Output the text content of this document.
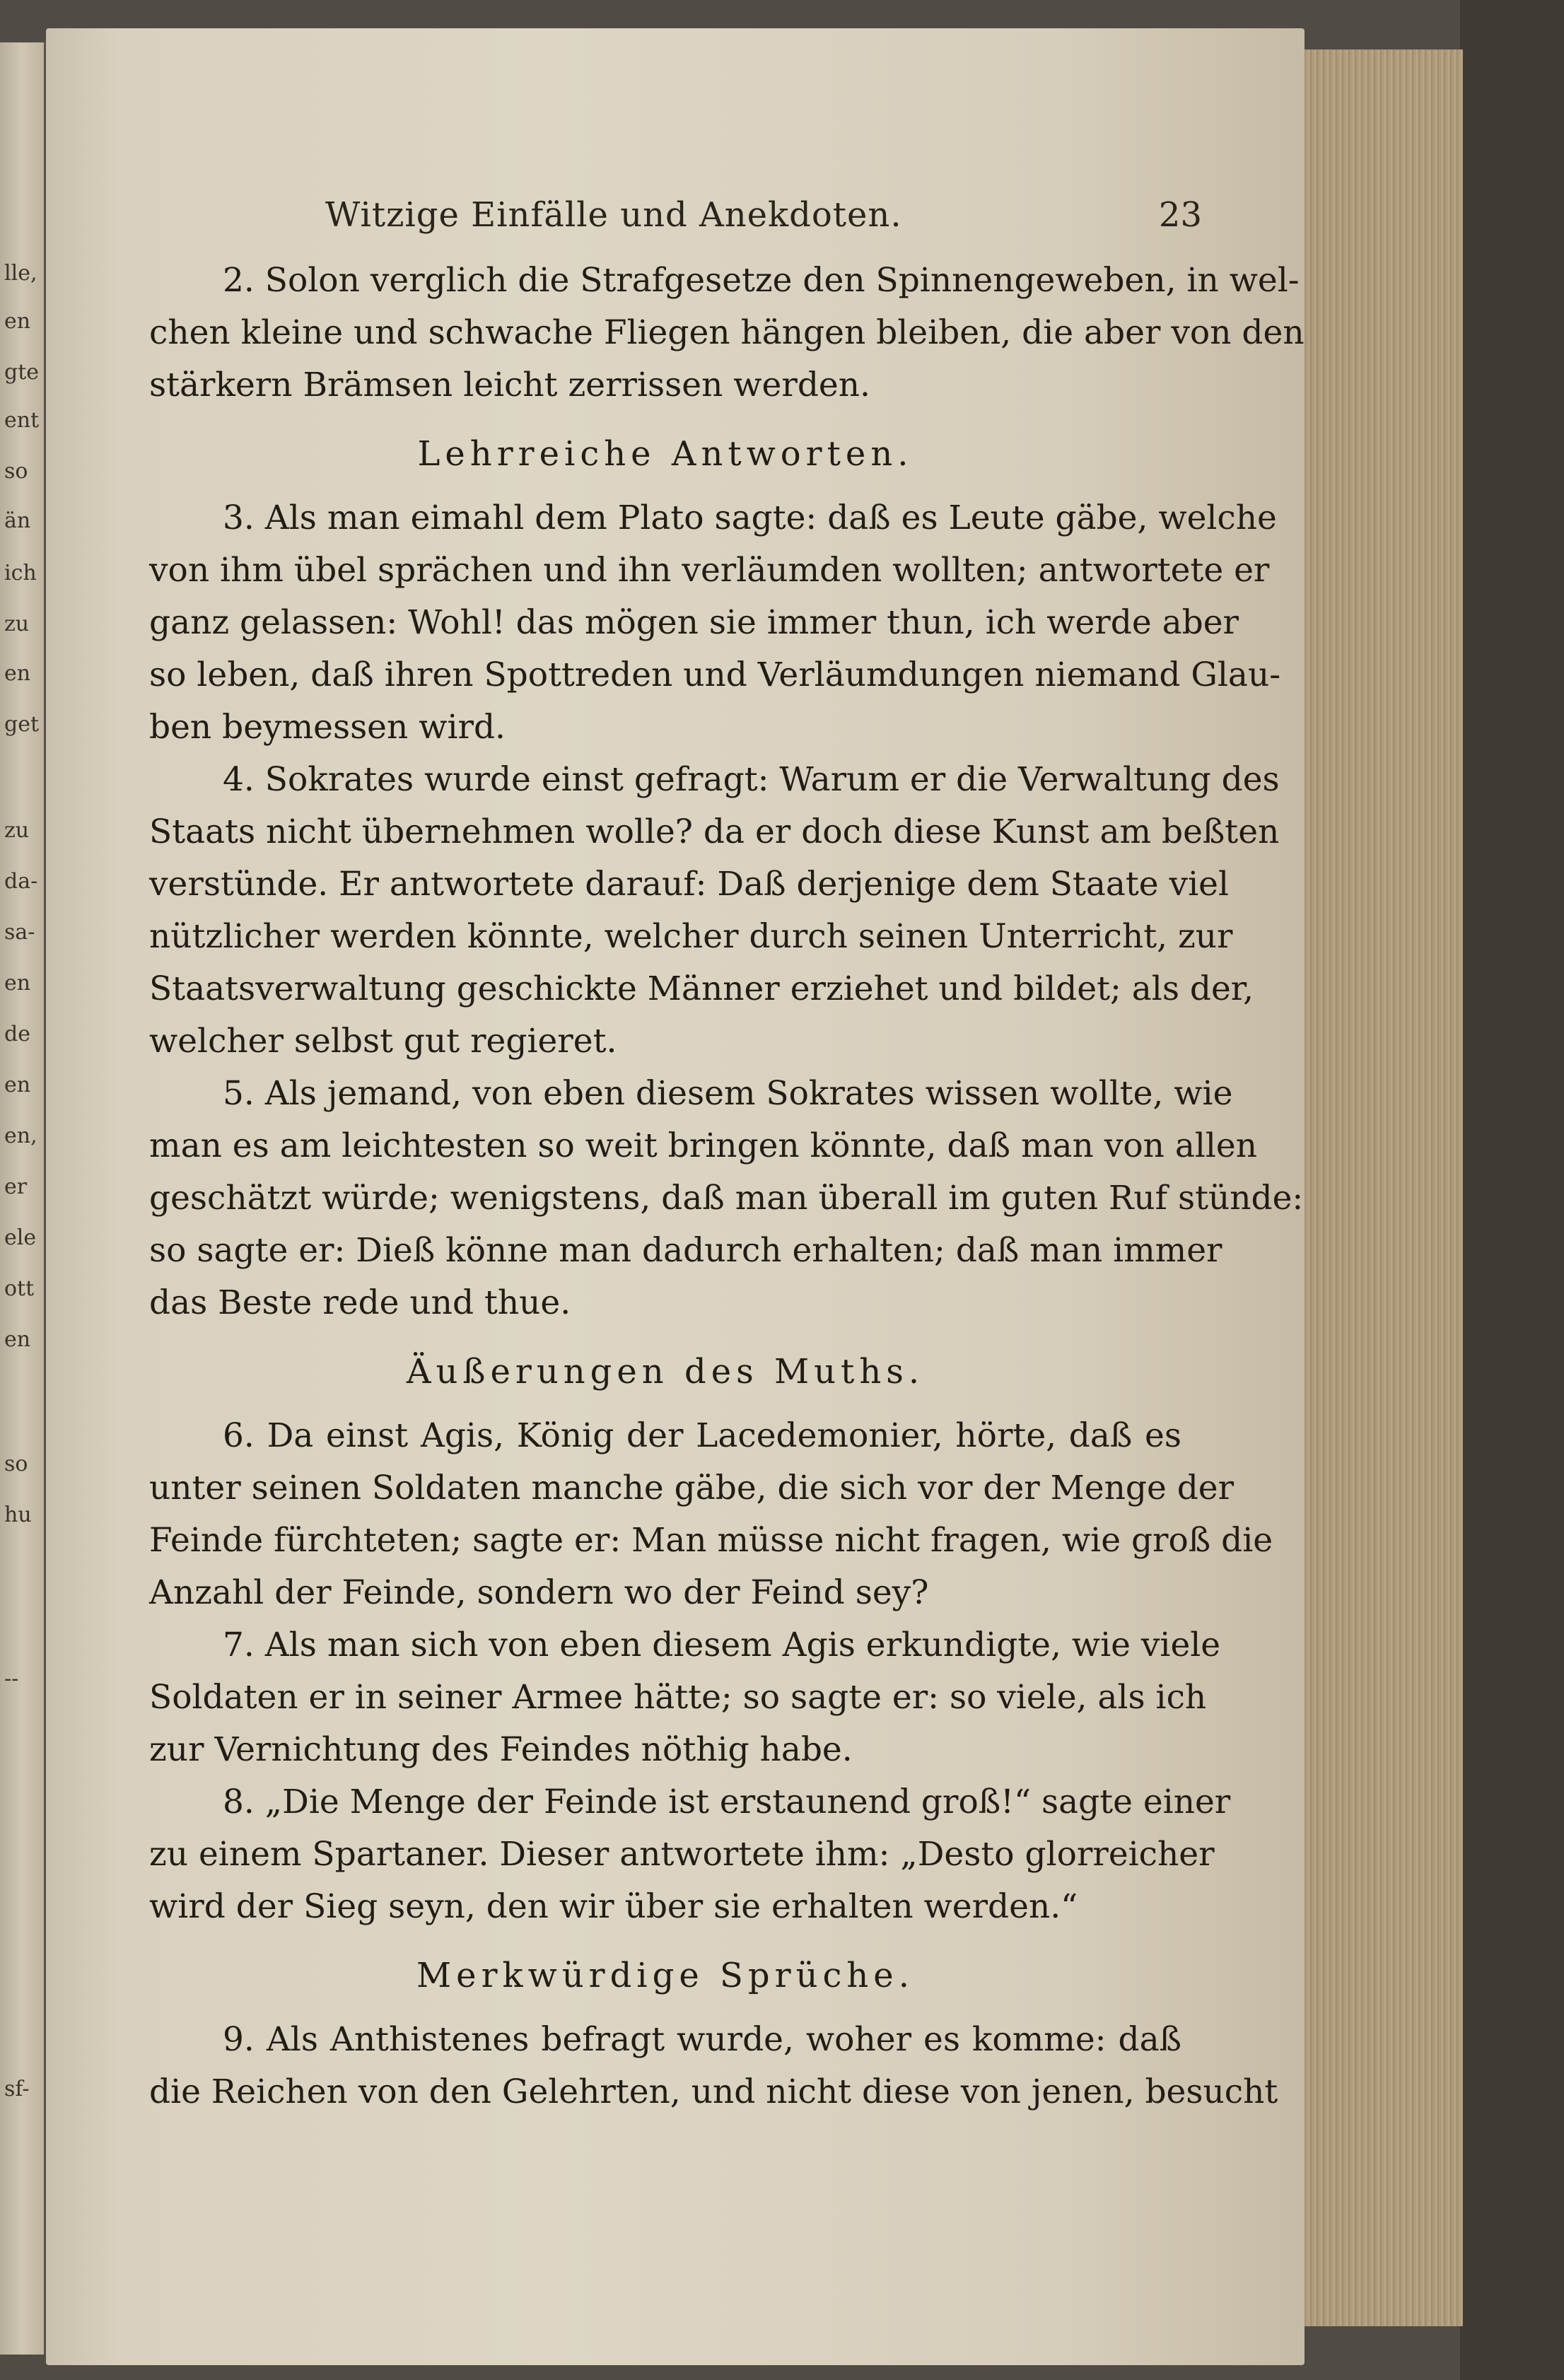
lle,
en
gte
ent
so
än
ich
zu
en
get
zu
da-
sa-
en
de
en
en,
er
ele
ott
en
so
hu
--
sf-
Witzige Einfälle und Anekdoten.	23
2. Solon verglich die Strafgesetze den Spinnengeweben, in wel-
chen kleine und schwache Fliegen hängen bleiben, die aber von den
stärkern Brämsen leicht zerrissen werden.
Lehrreiche Antworten.
3. Als man eimahl dem Plato sagte: daß es Leute gäbe, welche
von ihm übel sprächen und ihn verläumden wollten; antwortete er
ganz gelassen: Wohl! das mögen sie immer thun, ich werde aber
so leben, daß ihren Spottreden und Verläumdungen niemand Glau-
ben beymessen wird.
4. Sokrates wurde einst gefragt: Warum er die Verwaltung des
Staats nicht übernehmen wolle? da er doch diese Kunst am beßten
verstünde. Er antwortete darauf: Daß derjenige dem Staate viel
nützlicher werden könnte, welcher durch seinen Unterricht, zur
Staatsverwaltung geschickte Männer erziehet und bildet; als der,
welcher selbst gut regieret.
5. Als jemand, von eben diesem Sokrates wissen wollte, wie
man es am leichtesten so weit bringen könnte, daß man von allen
geschätzt würde; wenigstens, daß man überall im guten Ruf stünde:
so sagte er: Dieß könne man dadurch erhalten; daß man immer
das Beste rede und thue.
Äußerungen des Muths.
6. Da einst Agis, König der Lacedemonier, hörte, daß es
unter seinen Soldaten manche gäbe, die sich vor der Menge der
Feinde fürchteten; sagte er: Man müsse nicht fragen, wie groß die
Anzahl der Feinde, sondern wo der Feind sey?
7. Als man sich von eben diesem Agis erkundigte, wie viele
Soldaten er in seiner Armee hätte; so sagte er: so viele, als ich
zur Vernichtung des Feindes nöthig habe.
8. „Die Menge der Feinde ist erstaunend groß!“ sagte einer
zu einem Spartaner. Dieser antwortete ihm: „Desto glorreicher
wird der Sieg seyn, den wir über sie erhalten werden.“
Merkwürdige Sprüche.
9. Als Anthistenes befragt wurde, woher es komme: daß
die Reichen von den Gelehrten, und nicht diese von jenen, besucht
